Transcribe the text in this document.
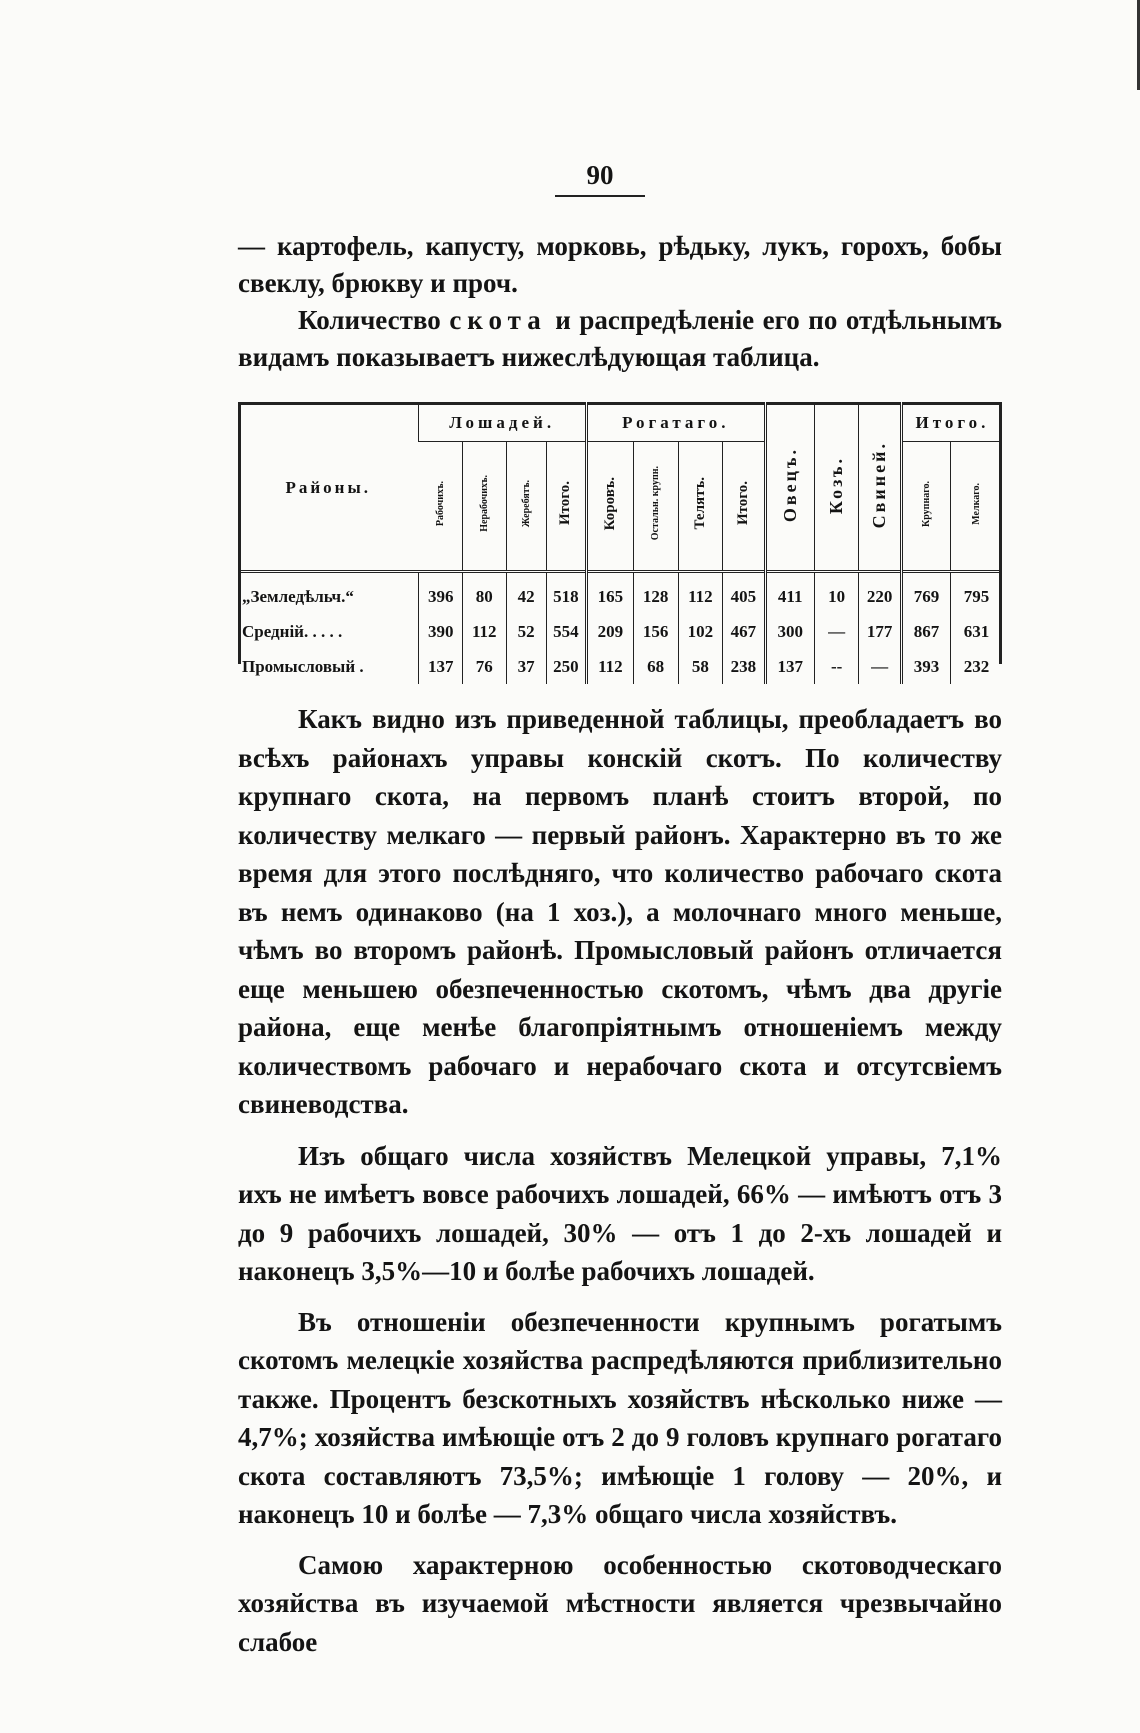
90

— картофель, капусту, морковь, рѣдьку, лукъ, горохъ, бобы свеклу, брюкву и проч.

Количество скота и распредѣленіе его по отдѣльнымъ видамъ показываетъ нижеслѣдующая таблица.

Районы.	Лошадей.				Рогатаго.				Овецъ.	Козъ.	Свиней.	Итого.	
	Рабочихъ.	Нерабочихъ.	Жеребятъ.	Итого.	Коровъ.	Остальн. крупн.	Телятъ.	Итого.				Крупнаго.	Мелкаго.
„Земледѣльч.“	396	80	42	518	165	128	112	405	411	10	220	769	795
Средній. . . . .	390	112	52	554	209	156	102	467	300	—	177	867	631
Промысловый .	137	76	37	250	112	68	58	238	137	--	—	393	232

Какъ видно изъ приведенной таблицы, преобладаетъ во всѣхъ районахъ управы конскій скотъ. По количеству крупнаго скота, на первомъ планѣ стоитъ второй, по количеству мелкаго — первый районъ. Характерно въ то же время для этого послѣдняго, что количество рабочаго скота въ немъ одинаково (на 1 хоз.), а молочнаго много меньше, чѣмъ во второмъ районѣ. Промысловый районъ отличается еще меньшею обезпеченностью скотомъ, чѣмъ два другіе района, еще менѣе благопріятнымъ отношеніемъ между количествомъ рабочаго и нерабочаго скота и отсутсвіемъ свиневодства.

Изъ общаго числа хозяйствъ Мелецкой управы, 7,1% ихъ не имѣетъ вовсе рабочихъ лошадей, 66% — имѣютъ отъ 3 до 9 рабочихъ лошадей, 30% — отъ 1 до 2-хъ лошадей и наконецъ 3,5%—10 и болѣе рабочихъ лошадей.

Въ отношеніи обезпеченности крупнымъ рогатымъ скотомъ мелецкіе хозяйства распредѣляются приблизительно также. Процентъ безскотныхъ хозяйствъ нѣсколько ниже — 4,7%; хозяйства имѣющіе отъ 2 до 9 головъ крупнаго рогатаго скота составляютъ 73,5%; имѣющіе 1 голову — 20%, и наконецъ 10 и болѣе — 7,3% общаго числа хозяйствъ.

Самою характерною особенностью скотоводческаго хозяйства въ изучаемой мѣстности является чрезвычайно слабое
